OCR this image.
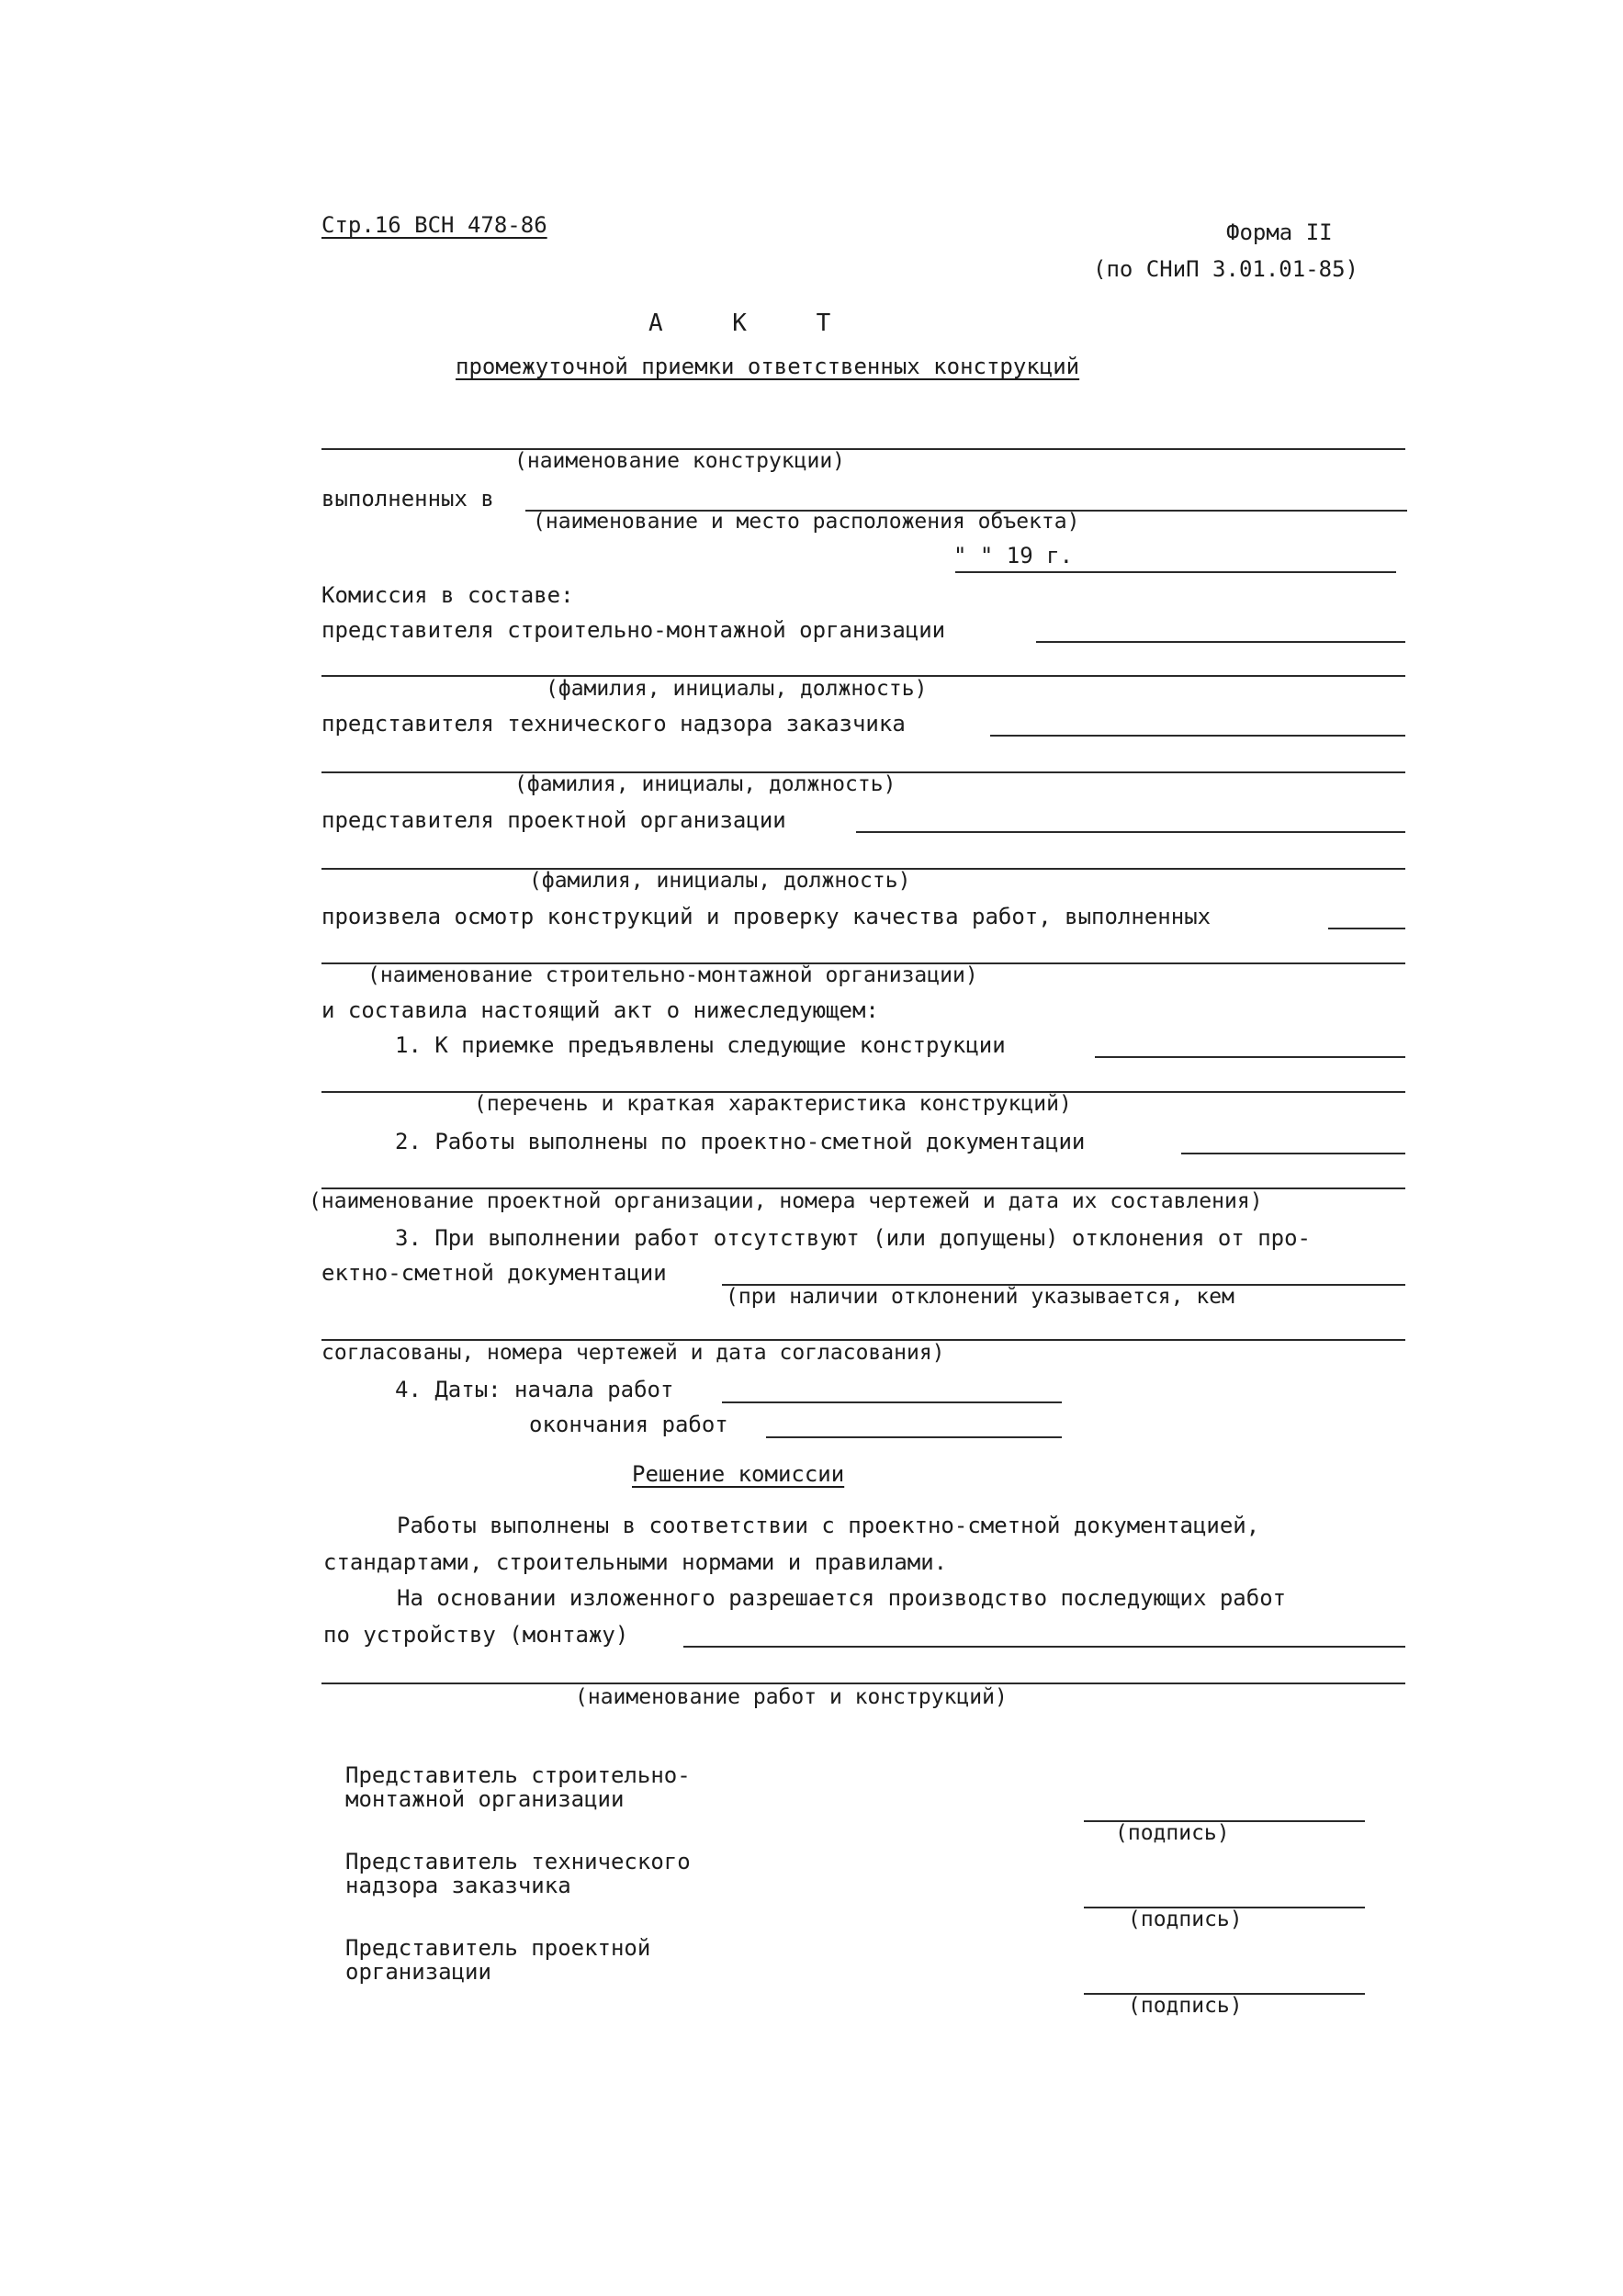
Стр.16 ВСН 478-86	Форма II
(по СНиП 3.01.01-85)
А К Т
промежуточной приемки ответственных конструкций
(наименование конструкции)
выполненных в
(наименование и место расположения объекта)
" " 19 г.
Комиссия в составе:
представителя строительно-монтажной организации
(фамилия, инициалы, должность)
представителя технического надзора заказчика
(фамилия, инициалы, должность)
представителя проектной организации
(фамилия, инициалы, должность)
произвела осмотр конструкций и проверку качества работ, выполненных
(наименование строительно-монтажной организации)
и составила настоящий акт о нижеследующем:
1. К приемке предъявлены следующие конструкции
(перечень и краткая характеристика конструкций)
2. Работы выполнены по проектно-сметной документации
(наименование проектной организации, номера чертежей и дата их составления)
3. При выполнении работ отсутствуют (или допущены) отклонения от про-
ектно-сметной документации
(при наличии отклонений указывается, кем
согласованы, номера чертежей и дата согласования)
4. Даты: начала работ
окончания работ
Решение комиссии
Работы выполнены в соответствии с проектно-сметной документацией,
стандартами, строительными нормами и правилами.
На основании изложенного разрешается производство последующих работ
по устройству (монтажу)
(наименование работ и конструкций)
Представитель строительно-
монтажной организации
(подпись)
Представитель технического
надзора заказчика
(подпись)
Представитель проектной
организации
(подпись)
